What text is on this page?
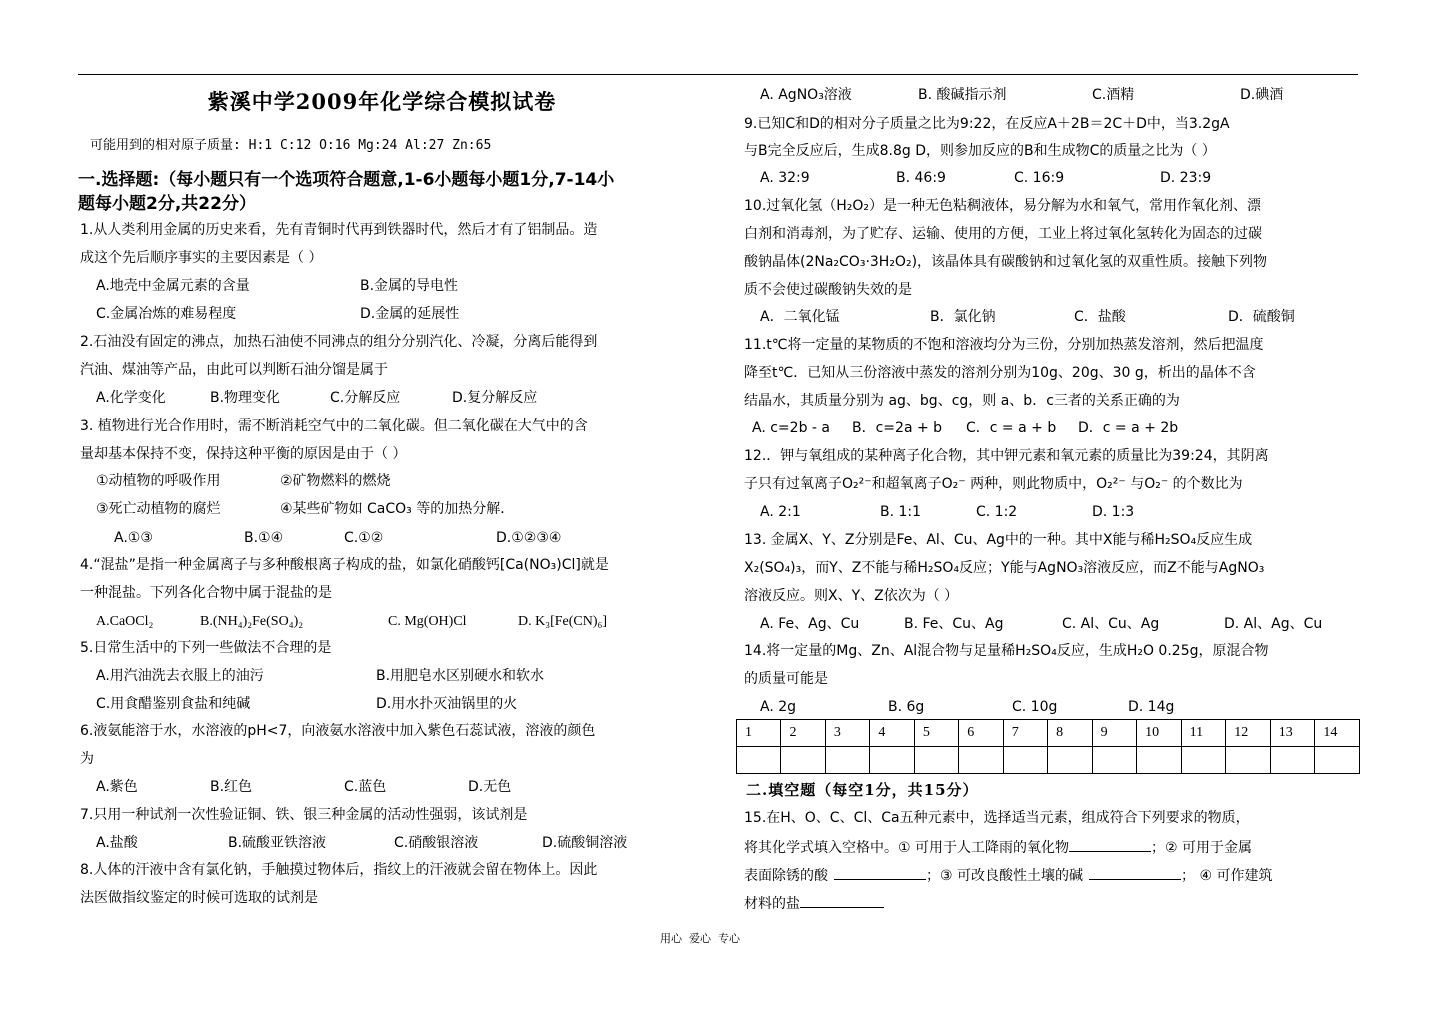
紫溪中学2009年化学综合模拟试卷
可能用到的相对原子质量: H:1 C:12 O:16 Mg:24 Al:27 Zn:65
一.选择题:（每小题只有一个选项符合题意,1-6小题每小题1分,7-14小
题每小题2分,共22分）
1.从人类利用金属的历史来看，先有青铜时代再到铁器时代，然后才有了铝制品。造
成这个先后顺序事实的主要因素是（ ）
A.地壳中金属元素的含量	B.金属的导电性
C.金属冶炼的难易程度	D.金属的延展性
2.石油没有固定的沸点，加热石油使不同沸点的组分分别汽化、冷凝，分离后能得到
汽油、煤油等产品，由此可以判断石油分馏是属于
A.化学变化	B.物理变化	C.分解反应	D.复分解反应
3. 植物进行光合作用时，需不断消耗空气中的二氧化碳。但二氧化碳在大气中的含
量却基本保持不变，保持这种平衡的原因是由于（ ）
①动植物的呼吸作用	②矿物燃料的燃烧
③死亡动植物的腐烂	④某些矿物如 CaCO₃ 等的加热分解．
A.①③	B.①④	C.①②	D.①②③④
4.“混盐”是指一种金属离子与多种酸根离子构成的盐，如氯化硝酸钙[Ca(NO₃)Cl]就是
一种混盐。下列各化合物中属于混盐的是
A.CaOCl₂	B.(NH₄)₂Fe(SO₄)₂	C. Mg(OH)Cl	D. K₃[Fe(CN)₆]
5.日常生活中的下列一些做法不合理的是
A.用汽油洗去衣服上的油污	B.用肥皂水区别硬水和软水
C.用食醋鉴别食盐和纯碱	D.用水扑灭油锅里的火
6.液氨能溶于水，水溶液的pH<7，向液氨水溶液中加入紫色石蕊试液，溶液的颜色
为
A.紫色	B.红色	C.蓝色	D.无色
7.只用一种试剂一次性验证铜、铁、银三种金属的活动性强弱，该试剂是
A.盐酸	B.硫酸亚铁溶液	C.硝酸银溶液	D.硫酸铜溶液
8.人体的汗液中含有氯化钠，手触摸过物体后，指纹上的汗液就会留在物体上。因此
法医做指纹鉴定的时候可选取的试剂是
A. AgNO₃溶液	B. 酸碱指示剂	C.酒精	D.碘酒
9.已知C和D的相对分子质量之比为9:22，在反应A＋2B＝2C＋D中，当3.2gA
与B完全反应后，生成8.8g D，则参加反应的B和生成物C的质量之比为（ ）
A. 32:9	B. 46:9	C. 16:9	D. 23:9
10.过氧化氢（H₂O₂）是一种无色粘稠液体，易分解为水和氧气，常用作氧化剂、漂
白剂和消毒剂，为了贮存、运输、使用的方便，工业上将过氧化氢转化为固态的过碳
酸钠晶体(2Na₂CO₃·3H₂O₂)，该晶体具有碳酸钠和过氧化氢的双重性质。接触下列物
质不会使过碳酸钠失效的是
A．二氧化锰	B．氯化钠	C．盐酸	D．硫酸铜
11.t℃将一定量的某物质的不饱和溶液均分为三份，分别加热蒸发溶剂，然后把温度
降至t℃．已知从三份溶液中蒸发的溶剂分别为10g、20g、30 g，析出的晶体不含
结晶水，其质量分别为 ag、bg、cg，则 a、b．c三者的关系正确的为
A. c=2b - a B．c=2a + b C．c = a + b D．c = a + 2b
12.．钾与氧组成的某种离子化合物，其中钾元素和氧元素的质量比为39:24，其阴离
子只有过氧离子O₂²⁻和超氧离子O₂⁻ 两种，则此物质中，O₂²⁻ 与O₂⁻ 的个数比为
A. 2:1	B. 1:1	C. 1:2	D. 1:3
13. 金属X、Y、Z分别是Fe、Al、Cu、Ag中的一种。其中X能与稀H₂SO₄反应生成
X₂(SO₄)₃，而Y、Z不能与稀H₂SO₄反应；Y能与AgNO₃溶液反应，而Z不能与AgNO₃
溶液反应。则X、Y、Z依次为（ ）
A. Fe、Ag、Cu	B. Fe、Cu、Ag	C. Al、Cu、Ag	D. Al、Ag、Cu
14.将一定量的Mg、Zn、Al混合物与足量稀H₂SO₄反应，生成H₂O 0.25g，原混合物
的质量可能是
A. 2g	B. 6g	C. 10g	D. 14g
1	2	3	4	5	6	7	8	9	10	11	12	13	14

二.填空题（每空1分，共15分）
15.在H、O、C、Cl、Ca五种元素中，选择适当元素，组成符合下列要求的物质，
将其化学式填入空格中。① 可用于人工降雨的氧化物	；② 可用于金属
表面除锈的酸	；③ 可改良酸性土壤的碱	； ④ 可作建筑
材料的盐
用心  爱心  专心
